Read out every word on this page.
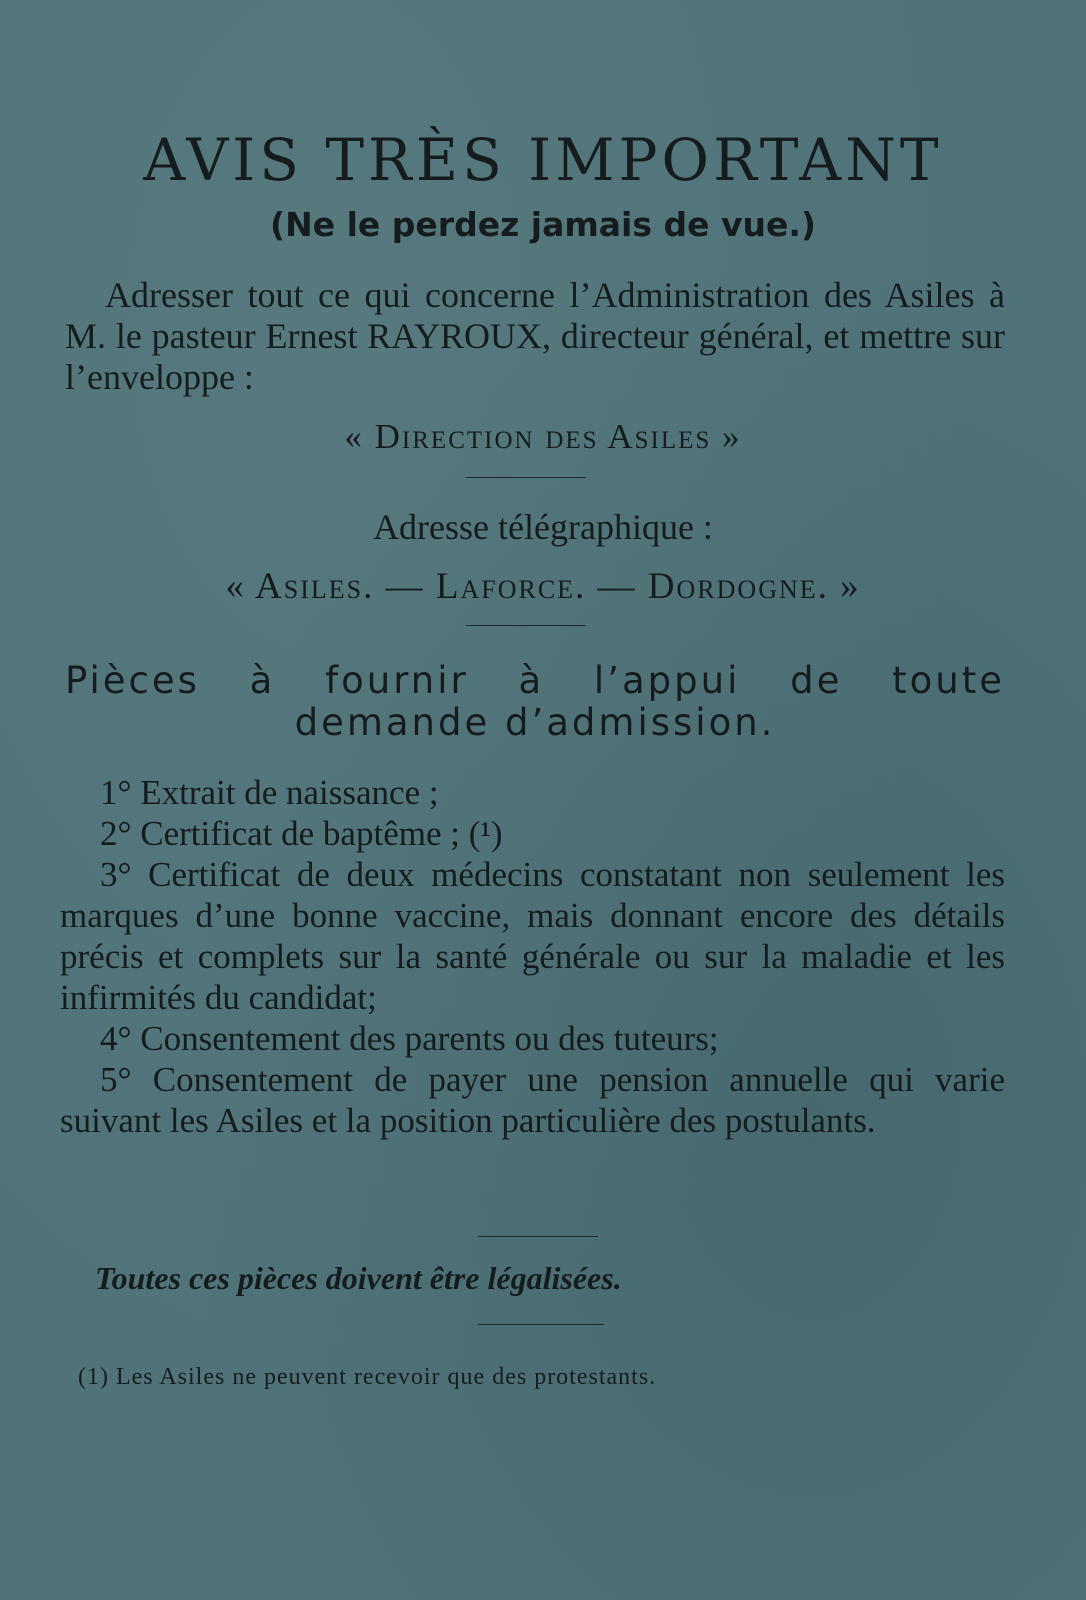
AVIS TRÈS IMPORTANT

(Ne le perdez jamais de vue.)

Adresser tout ce qui concerne l’Administration des Asiles à M. le pasteur Ernest RAYROUX, directeur général, et mettre sur l’enveloppe :

« Direction des Asiles »

Adresse télégraphique :

« Asiles. — Laforce. — Dordogne. »

Pièces à fournir à l’appui de toute
demande d’admission.
1° Extrait de naissance ;
2° Certificat de baptême ; (¹)
3° Certificat de deux médecins constatant non seulement les marques d’une bonne vaccine, mais donnant encore des détails précis et complets sur la santé générale ou sur la maladie et les infirmités du candidat;
4° Consentement des parents ou des tuteurs;
5° Consentement de payer une pension annuelle qui varie suivant les Asiles et la position particulière des postulants.

Toutes ces pièces doivent être légalisées.

(1) Les Asiles ne peuvent recevoir que des protestants.
